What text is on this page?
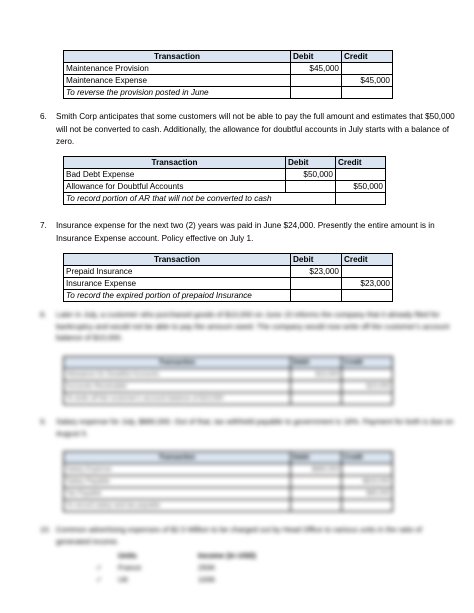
Transaction	Debit	Credit
Maintenance Provision	$45,000	
Maintenance Expense		$45,000
To reverse the provision posted in June		
6. Smith Corp anticipates that some customers will not be able to pay the full amount and estimates that $50,000 will not be converted to cash. Additionally, the allowance for doubtful accounts in July starts with a balance of zero.
Transaction	Debit	Credit
Bad Debt Expense	$50,000	
Allowance for Doubtful Accounts		$50,000
To record portion of AR that will not be converted to cash		
7. Insurance expense for the next two (2) years was paid in June $24,000. Presently the entire amount is in Insurance Expense account. Policy effective on July 1.
Transaction	Debit	Credit
Prepaid Insurance	$23,000	
Insurance Expense		$23,000
To record the expired portion of prepaiod Insurance		
8. Later in July, a customer who purchased goods of $10,000 on June 15 informs the company that it already filed for bankruptcy and would not be able to pay the amount owed. The company would now write off the customer's account balance of $10,000.
Transaction	Debit	Credit
Allowance for Doubtful Accounts	$10,000	
Accounts Receivable		$10,000
To write off the customer's account balance of $10,000		
9. Salary expense for July, $880,000. Out of that, tax withheld payable to government is 18%. Payment for both is due on August 5.
Transaction	Debit	Credit
Salary Expense	$880,000	
Salary Payable		$815,000
Tax Payable		$65,000
To record salary and tax payable		
10. Common advertising expenses of $2.5 Million to be charged out by Head Office to various units in the ratio of generated income.
Units	Income (in USD)
✓ France	250K
✓ UK	100K
